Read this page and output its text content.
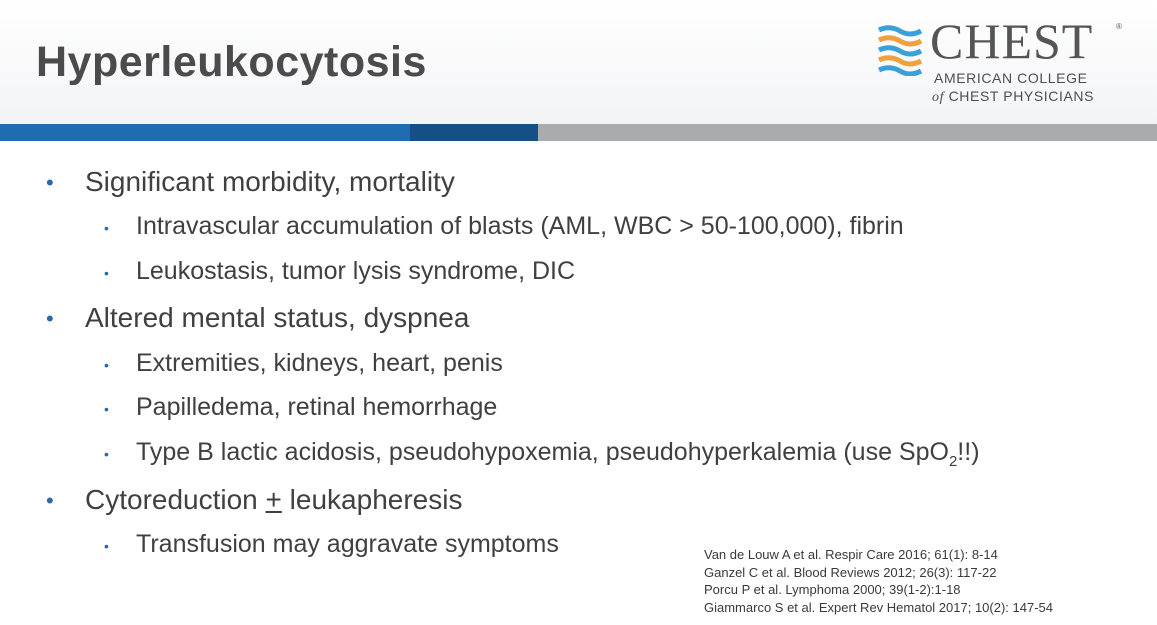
Hyperleukocytosis	CHEST	®
AMERICAN COLLEGE
of CHEST PHYSICIANS
• Significant morbidity, mortality
• Intravascular accumulation of blasts (AML, WBC > 50-100,000), fibrin
• Leukostasis, tumor lysis syndrome, DIC
• Altered mental status, dyspnea
• Extremities, kidneys, heart, penis
• Papilledema, retinal hemorrhage
• Type B lactic acidosis, pseudohypoxemia, pseudohyperkalemia (use SpO$_2$!!)
• Cytoreduction + leukapheresis
• Transfusion may aggravate symptoms	Van de Louw A et al. Respir Care 2016; 61(1): 8-14
Ganzel C et al. Blood Reviews 2012; 26(3): 117-22
Porcu P et al. Lymphoma 2000; 39(1-2):1-18
Giammarco S et al. Expert Rev Hematol 2017; 10(2): 147-54
